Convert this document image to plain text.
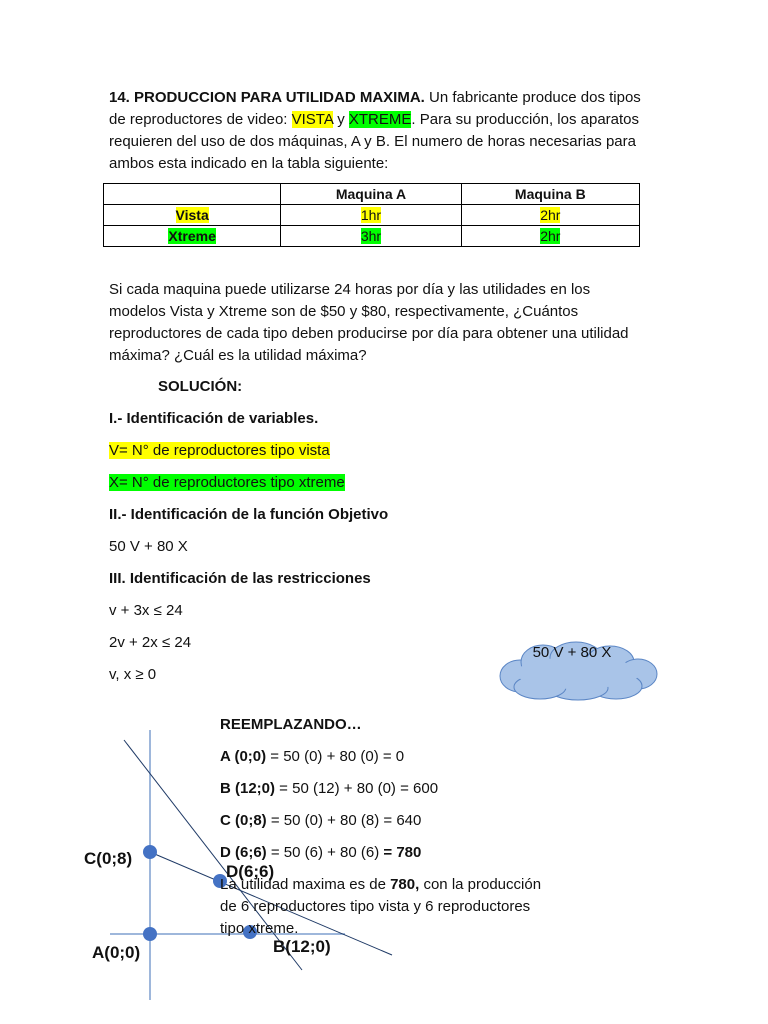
14. PRODUCCION PARA UTILIDAD MAXIMA. Un fabricante produce dos tipos de reproductores de video: VISTA y XTREME. Para su producción, los aparatos requieren del uso de dos máquinas, A y B. El numero de horas necesarias para ambos esta indicado en la tabla siguiente:
	Maquina A	Maquina B
Vista	1hr	2hr
Xtreme	3hr	2hr
Si cada maquina puede utilizarse 24 horas por día y las utilidades en los modelos Vista y Xtreme son de $50 y $80, respectivamente, ¿Cuántos reproductores de cada tipo deben producirse por día para obtener una utilidad máxima? ¿Cuál es la utilidad máxima?
SOLUCIÓN:
I.- Identificación de variables.
V= N° de reproductores tipo vista
X= N° de reproductores tipo xtreme
II.- Identificación de la función Objetivo
50 V + 80 X
III. Identificación de las restricciones
v + 3x ≤ 24
2v + 2x ≤ 24
v, x ≥ 0
50 V + 80 X
C(0;8)
D(6;6)
A(0;0)	B(12;0)
REEMPLAZANDO…
A (0;0) = 50 (0) + 80 (0) = 0
B (12;0) = 50 (12) + 80 (0) = 600
C (0;8) = 50 (0) + 80 (8) = 640
D (6;6) = 50 (6) + 80 (6) = 780
La utilidad maxima es de 780, con la producción de 6 reproductores tipo vista y 6 reproductores tipo xtreme.
